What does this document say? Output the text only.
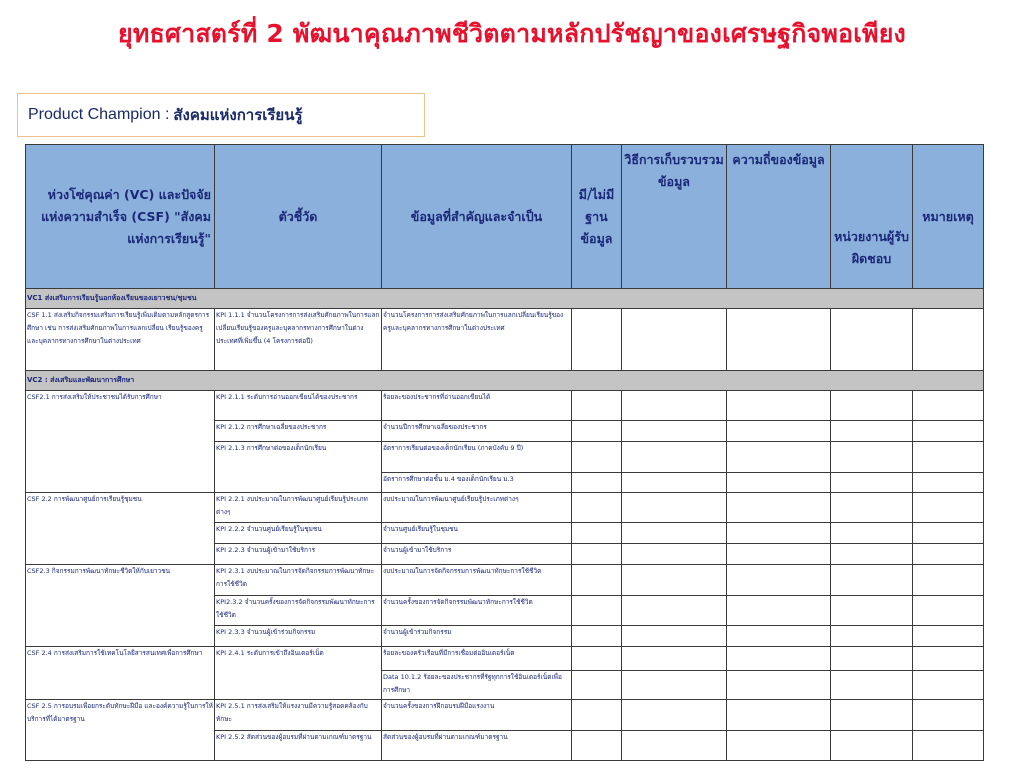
ยุทธศาสตร์ที่ 2 พัฒนาคุณภาพชีวิตตามหลักปรัชญาของเศรษฐกิจพอเพียง
Product Champion : สังคมแห่งการเรียนรู้
ห่วงโซ่คุณค่า (VC) และปัจจัยแห่งความสำเร็จ (CSF) "สังคมแห่งการเรียนรู้"	ตัวชี้วัด	ข้อมูลที่สำคัญและจำเป็น	มี/ไม่มีฐานข้อมูล	วิธีการเก็บรวบรวมข้อมูล	ความถี่ของข้อมูล	หน่วยงานผู้รับผิดชอบ	หมายเหตุ
VC1 ส่งเสริมการเรียนรู้นอกห้องเรียนของเยาวชน/ชุมชน							
CSF 1.1 ส่งเสริมกิจกรรมเสริมการเรียนรู้เพิ่มเติมตามหลักสูตรการศึกษา เช่น การส่งเสริมศักยภาพในการแลกเปลี่ยน เรียนรู้ของครูและบุคลากรทางการศึกษาในต่างประเทศ	KPI 1.1.1 จำนวนโครงการการส่งเสริมศักยภาพในการแลกเปลี่ยนเรียนรู้ของครูและบุคลากรทางการศึกษาในต่างประเทศที่เพิ่มขึ้น (4 โครงการต่อปี)	จำนวนโครงการการส่งเสริมศักยภาพในการแลกเปลี่ยนเรียนรู้ของครูและบุคลากรทางการศึกษาในต่างประเทศ					
VC2 : ส่งเสริมและพัฒนาการศึกษา							
CSF2.1 การส่งเสริมให้ประชาชนได้รับการศึกษา	KPI 2.1.1 ระดับการอ่านออกเขียนได้ของประชากร	ร้อยละของประชากรที่อ่านออกเขียนได้					
	KPI 2.1.2 การศึกษาเฉลี่ยของประชากร	จำนวนปีการศึกษาเฉลี่ยของประชากร					
	KPI 2.1.3 การศึกษาต่อของเด็กนักเรียน	อัตราการเรียนต่อของเด็กนักเรียน (ภาคบังคับ 9 ปี)					
		อัตราการศึกษาต่อชั้น ม.4 ของเด็กนักเรียน ม.3					
CSF 2.2 การพัฒนาศูนย์การเรียนรู้ชุมชน	KPI 2.2.1 งบประมาณในการพัฒนาศูนย์เรียนรู้ประเภทต่างๆ	งบประมาณในการพัฒนาศูนย์เรียนรู้ประเภทต่างๆ					
	KPI 2.2.2 จำนวนศูนย์เรียนรู้ในชุมชน	จำนวนศูนย์เรียนรู้ในชุมชน					
	KPI 2.2.3 จำนวนผู้เข้ามาใช้บริการ	จำนวนผู้เข้ามาใช้บริการ					
CSF2.3 กิจกรรมการพัฒนาทักษะชีวิตให้กับเยาวชน	KPI 2.3.1 งบประมาณในการจัดกิจกรรมการพัฒนาทักษะการใช้ชีวิต	งบประมาณในการจัดกิจกรรมการพัฒนาทักษะการใช้ชีวิต					
	KPI2.3.2 จำนวนครั้งของการจัดกิจกรรมพัฒนาทักษะการใช้ชีวิต	จำนวนครั้งของการจัดกิจกรรมพัฒนาทักษะการใช้ชีวิต					
	KPI 2.3.3 จำนวนผู้เข้าร่วมกิจกรรม	จำนวนผู้เข้าร่วมกิจกรรม					
CSF 2.4 การส่งเสริมการใช้เทคโนโลยีสารสนเทศเพื่อการศึกษา	KPI 2.4.1 ระดับการเข้าถึงอินเตอร์เน็ต	ร้อยละของครัวเรือนที่มีการเชื่อมต่ออินเตอร์เน็ต					
		Data 10.1.2 ร้อยละของประชากรที่รัฐทุกการใช้อินเตอร์เน็ตเพื่อการศึกษา					
CSF 2.5 การอบรมเพื่อยกระดับทักษะฝีมือ และองค์ความรู้ในการให้บริการที่ได้มาตรฐาน	KPI 2.5.1 การส่งเสริมให้แรงงานมีความรู้สอดคล้องกับทักษะ	จำนวนครั้งของการฝึกอบรมฝีมือแรงงาน					
	KPI 2.5.2 สัดส่วนของผู้อบรมที่ผ่านตามเกณฑ์มาตรฐาน	สัดส่วนของผู้อบรมที่ผ่านตามเกณฑ์มาตรฐาน					
